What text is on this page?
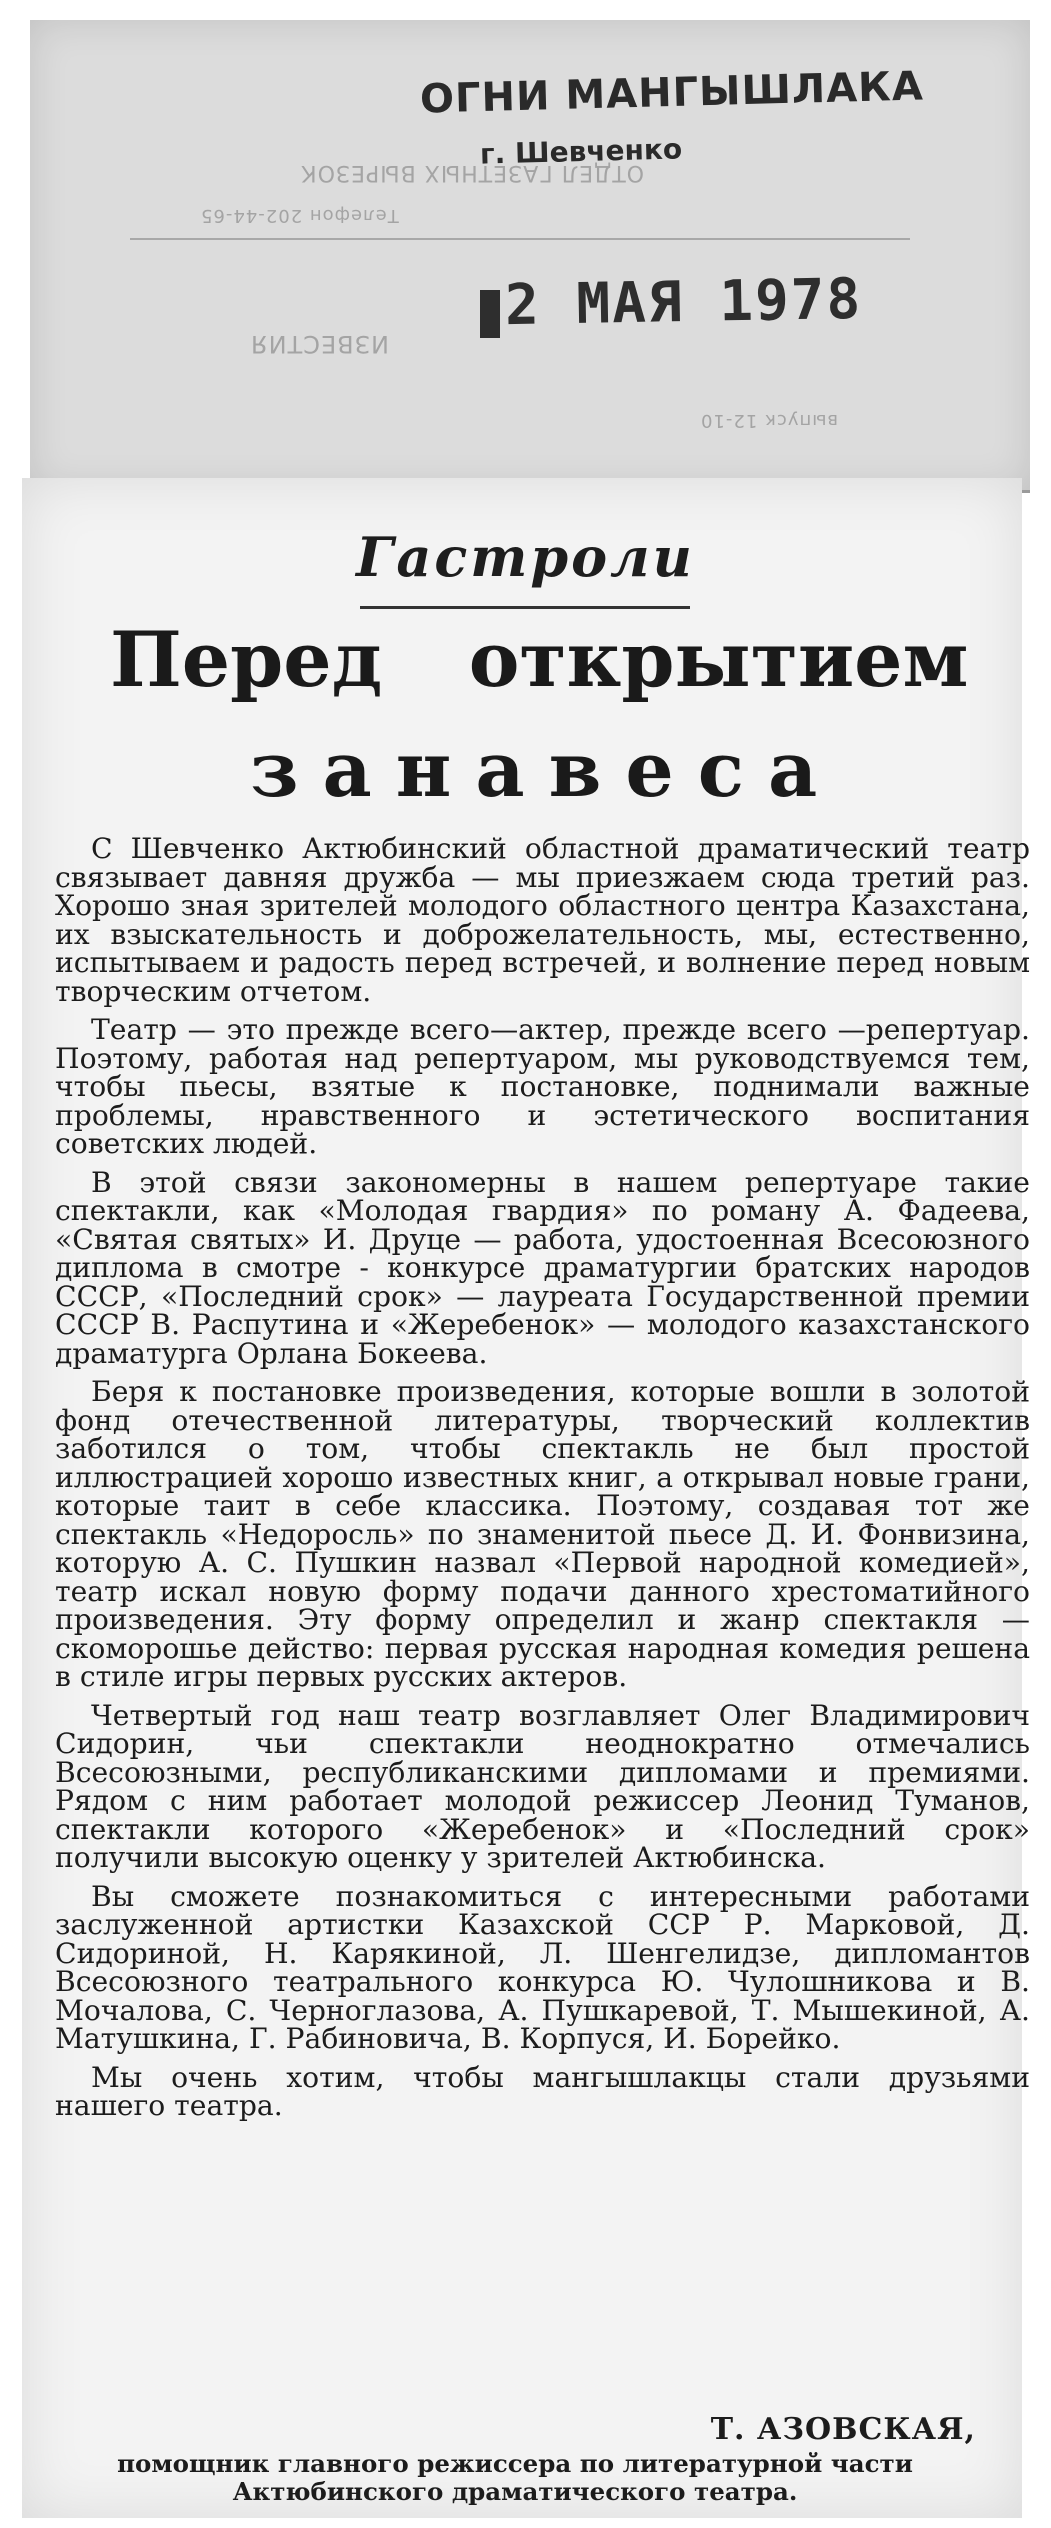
ОТДЕЛ ГАЗЕТНЫХ ВЫРЕЗОК
Телефон 202-44-65
ИЗВЕСТИЯ
выпуск 12-10
ОГНИ МАНГЫШЛАКА
г. Шевченко
2 МАЯ 1978
Гастроли
Перед открытием
занавеса

С Шевченко Актюбинский областной драматический театр связывает давняя дружба — мы приезжаем сюда третий раз. Хорошо зная зрителей молодого областного центра Казахстана, их взыскательность и доброжелательность, мы, естественно, испытываем и радость перед встречей, и волнение перед новым творческим отчетом.

Театр — это прежде всего—актер, прежде всего —репертуар. Поэтому, работая над репертуаром, мы руководствуемся тем, чтобы пьесы, взятые к постановке, поднимали важные проблемы, нравственного и эстетического воспитания советских людей.

В этой связи закономерны в нашем репертуаре такие спектакли, как «Молодая гвардия» по роману А. Фадеева, «Святая святых» И. Друце — работа, удостоенная Всесоюзного диплома в смотре - конкурсе драматургии братских народов СССР, «Последний срок» — лауреата Государственной премии СССР В. Распутина и «Жеребенок» — молодого казахстанского драматурга Орлана Бокеева.

Беря к постановке произведения, которые вошли в золотой фонд отечественной литературы, творческий коллектив заботился о том, чтобы спектакль не был простой иллюстрацией хорошо известных книг, а открывал новые грани, которые таит в себе классика. Поэтому, создавая тот же спектакль «Недоросль» по знаменитой пьесе Д. И. Фонвизина, которую А. С. Пушкин назвал «Первой народной комедией», театр искал новую форму подачи данного хрестоматийного произведения. Эту форму определил и жанр спектакля — скоморошье действо: первая русская народная комедия решена в стиле игры первых русских актеров.

Четвертый год наш театр возглавляет Олег Владимирович Сидорин, чьи спектакли неоднократно отмечались Всесоюзными, республиканскими дипломами и премиями. Рядом с ним работает молодой режиссер Леонид Туманов, спектакли которого «Жеребенок» и «Последний срок» получили высокую оценку у зрителей Актюбинска.

Вы сможете познакомиться с интересными работами заслуженной артистки Казахской ССР Р. Марковой, Д. Сидориной, Н. Карякиной, Л. Шенгелидзе, дипломантов Всесоюзного театрального конкурса Ю. Чулошниковa и В. Мочалова, С. Черноглазова, А. Пушкаревой, Т. Мышекиной, А. Матушкина, Г. Рабиновича, В. Корпуся, И. Борейко.

Мы очень хотим, чтобы мангышлакцы стали друзьями нашего театра.

Т. АЗОВСКАЯ,
помощник главного режиссера по литературной части Актюбинского драматического театра.
